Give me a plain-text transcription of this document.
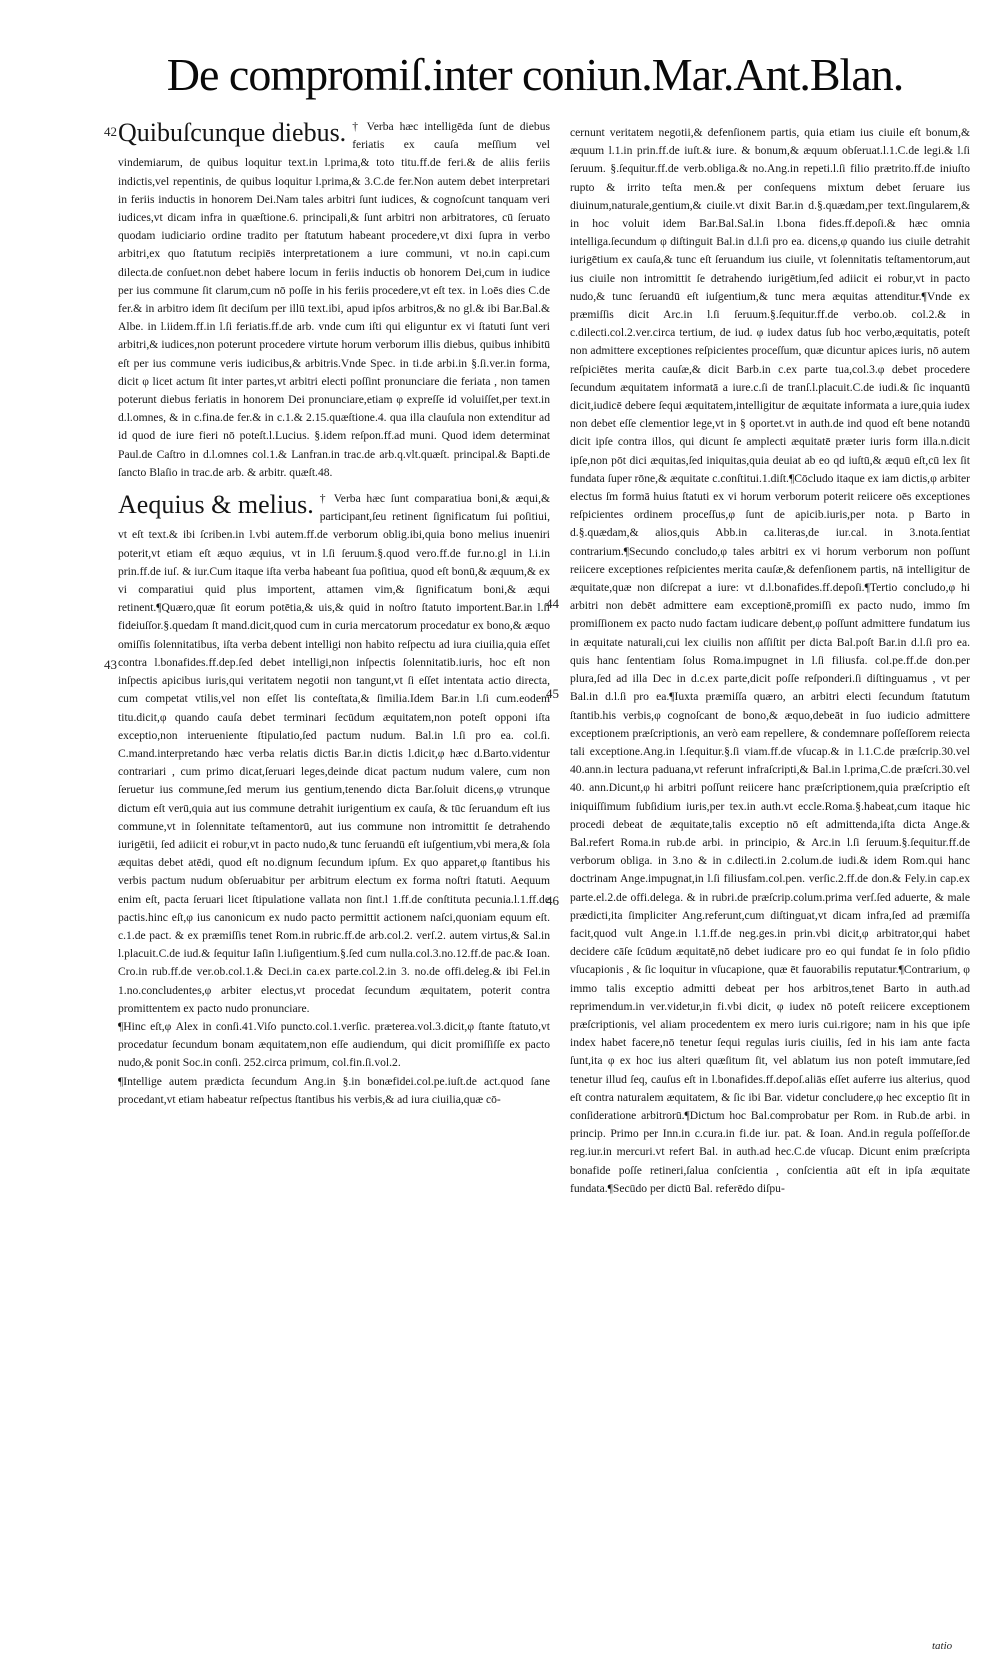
De compromiſ.inter coniun.Mar.Ant.Blan.
42
43
44
45
46

Quibuſcunque diebus. † Verba hæc intelligēda ſunt de diebus feriatis ex cauſa meſſium vel vindemiarum, de quibus loquitur text.in l.prima,& toto titu.ff.de feri.& de aliis feriis indictis,vel repentinis, de quibus loquitur l.prima,& 3.C.de fer.Non autem debet interpretari in feriis inductis in honorem Dei.Nam tales arbitri ſunt iudices, & cognoſcunt tanquam veri iudices,vt dicam infra in quæſtione.6. principali,& ſunt arbitri non arbitratores, cū ſeruato quodam iudiciario ordine tradito per ſtatutum habeant procedere,vt dixi ſupra in verbo arbitri,ex quo ſtatutum recipiēs interpretationem a iure communi, vt no.in capi.cum dilecta.de conſuet.non debet habere locum in feriis inductis ob honorem Dei,cum in iudice per ius commune ſit clarum,cum nō poſſe in his feriis procedere,vt eſt tex. in l.oēs dies C.de fer.& in arbitro idem ſit deciſum per illū text.ibi, apud ipſos arbitros,& no gl.& ibi Bar.Bal.& Albe. in l.iidem.ff.in l.ſi feriatis.ff.de arb. vnde cum iſti qui eliguntur ex vi ſtatuti ſunt veri arbitri,& iudices,non poterunt procedere virtute horum verborum illis diebus, quibus inhibitū eſt per ius commune veris iudicibus,& arbitris.Vnde Spec. in ti.de arbi.in §.ſi.ver.in forma, dicit φ licet actum ſit inter partes,vt arbitri electi poſſint pronunciare die feriata , non tamen poterunt diebus feriatis in honorem Dei pronunciare,etiam φ expreſſe id voluiſſet,per text.in d.l.omnes, & in c.fina.de fer.& in c.1.& 2.15.quæſtione.4. qua illa clauſula non extenditur ad id quod de iure fieri nō poteſt.l.Lucius. §.idem reſpon.ff.ad muni. Quod idem determinat Paul.de Caſtro in d.l.omnes col.1.& Lanfran.in trac.de arb.q.vlt.quæſt. principal.& Bapti.de ſancto Blaſio in trac.de arb. & arbitr. quæſt.48.

Aequius & melius. † Verba hæc ſunt comparatiua boni,& æqui,& participant,ſeu retinent ſignificatum ſui poſitiui, vt eſt text.& ibi ſcriben.in l.vbi autem.ff.de verborum oblig.ibi,quia bono melius inueniri poterit,vt etiam eſt æquo æquius, vt in l.ſi ſeruum.§.quod vero.ff.de fur.no.gl in l.i.in prin.ff.de iuſ. & iur.Cum itaque iſta verba habeant ſua poſitiua, quod eſt bonū,& æquum,& ex vi comparatiui quid plus importent, attamen vim,& ſignificatum boni,& æqui retinent.¶Quæro,quæ ſit eorum potētia,& uis,& quid in noſtro ſtatuto importent.Bar.in l.ſi fideiuſſor.§.quedam ſt mand.dicit,quod cum in curia mercatorum procedatur ex bono,& æquo omiſſis ſolennitatibus, iſta verba debent intelligi non habito reſpectu ad iura ciuilia,quia eſſet contra l.bonafides.ff.dep.ſed debet intelligi,non inſpectis ſolennitatib.iuris, hoc eſt non inſpectis apicibus iuris,qui veritatem negotii non tangunt,vt ſi eſſet intentata actio directa, cum competat vtilis,vel non eſſet lis conteſtata,& ſimilia.Idem Bar.in l.ſi cum.eodem titu.dicit,φ quando cauſa debet terminari ſecūdum æquitatem,non poteſt opponi iſta exceptio,non interueniente ſtipulatio,ſed pactum nudum. Bal.in l.ſi pro ea. col.ſi. C.mand.interpretando hæc verba relatis dictis Bar.in dictis l.dicit,φ hæc d.Barto.videntur contrariari , cum primo dicat,ſeruari leges,deinde dicat pactum nudum valere, cum non ſeruetur ius commune,ſed merum ius gentium,tenendo dicta Bar.ſoluit dicens,φ vtrunque dictum eſt verū,quia aut ius commune detrahit iurigentium ex cauſa, & tūc ſeruandum eſt ius commune,vt in ſolennitate teſtamentorū, aut ius commune non intromittit ſe detrahendo iurigētii, ſed adiicit ei robur,vt in pacto nudo,& tunc ſeruandū eſt iuſgentium,vbi mera,& ſola æquitas debet atēdi, quod eſt no.dignum ſecundum ipſum. Ex quo apparet,φ ſtantibus his verbis pactum nudum obſeruabitur per arbitrum electum ex forma noſtri ſtatuti. Aequum enim eſt, pacta ſeruari licet ſtipulatione vallata non ſint.l 1.ff.de conſtituta pecunia.l.1.ff.de pactis.hinc eſt,φ ius canonicum ex nudo pacto permittit actionem naſci,quoniam equum eſt. c.1.de pact. & ex præmiſſis tenet Rom.in rubric.ff.de arb.col.2. verſ.2. autem virtus,& Sal.in l.placuit.C.de iud.& ſequitur Iaſin l.iuſigentium.§.ſed cum nulla.col.3.no.12.ff.de pac.& Ioan. Cro.in rub.ff.de ver.ob.col.1.& Deci.in ca.ex parte.col.2.in 3. no.de offi.deleg.& ibi Fel.in 1.no.concludentes,φ arbiter electus,vt procedat ſecundum æquitatem, poterit contra promittentem ex pacto nudo pronunciare.

¶Hinc eſt,φ Alex in conſi.41.Viſo puncto.col.1.verſic. præterea.vol.3.dicit,φ ſtante ſtatuto,vt procedatur ſecundum bonam æquitatem,non eſſe audiendum, qui dicit promiſſiſſe ex pacto nudo,& ponit Soc.in conſi. 252.circa primum, col.fin.ſi.vol.2.

¶Intellige autem prædicta ſecundum Ang.in §.in bonæfidei.col.pe.iuſt.de act.quod ſane procedant,vt etiam habeatur reſpectus ſtantibus his verbis,& ad iura ciuilia,quæ cō-

cernunt veritatem negotii,& defenſionem partis, quia etiam ius ciuile eſt bonum,& æquum l.1.in prin.ff.de iuſt.& iure. & bonum,& æquum obſeruat.l.1.C.de legi.& l.ſi ſeruum. §.ſequitur.ff.de verb.obliga.& no.Ang.in repeti.l.ſi filio prætrito.ff.de iniuſto rupto & irrito teſta men.& per conſequens mixtum debet ſeruare ius diuinum,naturale,gentium,& ciuile.vt dixit Bar.in d.§.quædam,per text.ſingularem,& in hoc voluit idem Bar.Bal.Sal.in l.bona fides.ff.depoſi.& hæc omnia intelliga.ſecundum φ diſtinguit Bal.in d.l.ſi pro ea. dicens,φ quando ius ciuile detrahit iurigētium ex cauſa,& tunc eſt ſeruandum ius ciuile, vt ſolennitatis teſtamentorum,aut ius ciuile non intromittit ſe detrahendo iurigētium,ſed adiicit ei robur,vt in pacto nudo,& tunc ſeruandū eſt iuſgentium,& tunc mera æquitas attenditur.¶Vnde ex præmiſſis dicit Arc.in l.ſi ſeruum.§.ſequitur.ff.de verbo.ob. col.2.& in c.dilecti.col.2.ver.circa tertium, de iud. φ iudex datus ſub hoc verbo,æquitatis, poteſt non admittere exceptiones reſpicientes proceſſum, quæ dicuntur apices iuris, nō autem reſpiciētes merita cauſæ,& dicit Barb.in c.ex parte tua,col.3.φ debet procedere ſecundum æquitatem informatā a iure.c.ſi de tranſ.l.placuit.C.de iudi.& ſic inquantū dicit,iudicē debere ſequi æquitatem,intelligitur de æquitate informata a iure,quia iudex non debet eſſe clementior lege,vt in § oportet.vt in auth.de ind quod eſt bene notandū dicit ipſe contra illos, qui dicunt ſe amplecti æquitatē præter iuris form illa.n.dicit ipſe,non pōt dici æquitas,ſed iniquitas,quia deuiat ab eo qd iuſtū,& æquū eſt,cū lex ſit fundata ſuper rōne,& æquitate c.conſtitui.1.diſt.¶Cōcludo itaque ex iam dictis,φ arbiter electus ſm formā huius ſtatuti ex vi horum verborum poterit reiicere oēs exceptiones reſpicientes ordinem proceſſus,φ ſunt de apicib.iuris,per nota. p Barto in d.§.quædam,& alios,quis Abb.in ca.literas,de iur.cal. in 3.nota.ſentiat contrarium.¶Secundo concludo,φ tales arbitri ex vi horum verborum non poſſunt reiicere exceptiones reſpicientes merita cauſæ,& defenſionem partis, nā intelligitur de æquitate,quæ non diſcrepat a iure: vt d.l.bonafides.ff.depoſi.¶Tertio concludo,φ hi arbitri non debēt admittere eam exceptionē,promiſſi ex pacto nudo, immo ſm promiſſionem ex pacto nudo factam iudicare debent,φ poſſunt admittere fundatum ius in æquitate naturali,cui lex ciuilis non aſſiſtit per dicta Bal.poſt Bar.in d.l.ſi pro ea. quis hanc ſententiam ſolus Roma.impugnet in l.ſi filiusfa. col.pe.ff.de don.per plura,ſed ad illa Dec in d.c.ex parte,dicit poſſe reſponderi.ſi diſtinguamus , vt per Bal.in d.l.ſi pro ea.¶Iuxta præmiſſa quæro, an arbitri electi ſecundum ſtatutum ſtantib.his verbis,φ cognoſcant de bono,& æquo,debeāt in ſuo iudicio admittere exceptionem præſcriptionis, an verò eam repellere, & condemnare poſſeſſorem reiecta tali exceptione.Ang.in l.ſequitur.§.ſi viam.ff.de vſucap.& in l.1.C.de præſcrip.30.vel 40.ann.in lectura paduana,vt referunt infraſcripti,& Bal.in l.prima,C.de præſcri.30.vel 40. ann.Dicunt,φ hi arbitri poſſunt reiicere hanc præſcriptionem,quia præſcriptio eſt iniquiſſimum ſubſidium iuris,per tex.in auth.vt eccle.Roma.§.habeat,cum itaque hic procedi debeat de æquitate,talis exceptio nō eſt admittenda,iſta dicta Ange.& Bal.refert Roma.in rub.de arbi. in principio, & Arc.in l.ſi ſeruum.§.ſequitur.ff.de verborum obliga. in 3.no & in c.dilecti.in 2.colum.de iudi.& idem Rom.qui hanc doctrinam Ange.impugnat,in l.ſi filiusfam.col.pen. verſic.2.ff.de don.& Fely.in cap.ex parte.el.2.de offi.delega. & in rubri.de præſcrip.colum.prima verſ.ſed aduerte, & male prædicti,ita ſimpliciter Ang.referunt,cum diſtinguat,vt dicam infra,ſed ad præmiſſa facit,quod vult Ange.in l.1.ff.de neg.ges.in prin.vbi dicit,φ arbitrator,qui habet decidere cāſe ſcūdum æquitatē,nō debet iudicare pro eo qui fundat ſe in ſolo pſidio vſucapionis , & ſic loquitur in vſucapione, quæ ēt fauorabilis reputatur.¶Contrarium, φ immo talis exceptio admitti debeat per hos arbitros,tenet Barto in auth.ad reprimendum.in ver.videtur,in fi.vbi dicit, φ iudex nō poteſt reiicere exceptionem præſcriptionis, vel aliam procedentem ex mero iuris cui.rigore; nam in his que ipſe index habet facere,nō tenetur ſequi regulas iuris ciuilis, ſed in his iam ante facta ſunt,ita φ ex hoc ius alteri quæſitum ſit, vel ablatum ius non poteſt immutare,ſed tenetur illud ſeq, cauſus eſt in l.bonafides.ff.depoſ.aliās eſſet auferre ius alterius, quod eſt contra naturalem æquitatem, & ſic ibi Bar. videtur concludere,φ hec exceptio ſit in conſideratione arbitrorū.¶Dictum hoc Bal.comprobatur per Rom. in Rub.de arbi. in princip. Primo per Inn.in c.cura.in fi.de iur. pat. & Ioan. And.in regula poſſeſſor.de reg.iur.in mercuri.vt refert Bal. in auth.ad hec.C.de vſucap. Dicunt enim præſcripta bonafide poſſe retineri,ſalua conſcientia , conſcientia aūt eſt in ipſa æquitate fundata.¶Secūdo per dictū Bal. referēdo diſpu-

tatio
